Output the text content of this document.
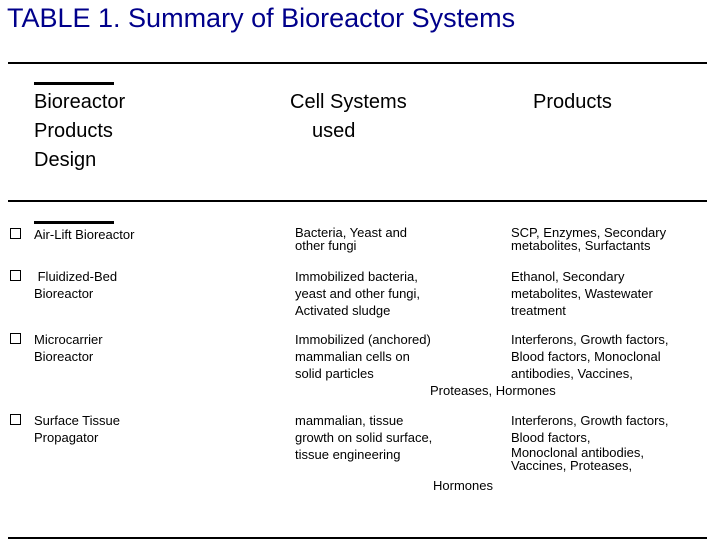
TABLE 1. Summary of Bioreactor Systems
Bioreactor
Products
Design
Cell Systems
used
Products
Air-Lift Bioreactor	Bacteria, Yeast and
other fungi
SCP, Enzymes, Secondary
metabolites, Surfactants
Fluidized-Bed
Bioreactor
Immobilized bacteria,
yeast and other fungi,
Activated sludge
Ethanol, Secondary
metabolites, Wastewater
treatment
Microcarrier
Bioreactor
Immobilized (anchored)
mammalian cells on
solid particles
Interferons, Growth factors,
Blood factors, Monoclonal
antibodies, Vaccines,
Proteases, Hormones
Surface Tissue
Propagator
mammalian, tissue
growth on solid surface,
tissue engineering
Interferons, Growth factors,
Blood factors,
Monoclonal antibodies,
Vaccines, Proteases,
Hormones
